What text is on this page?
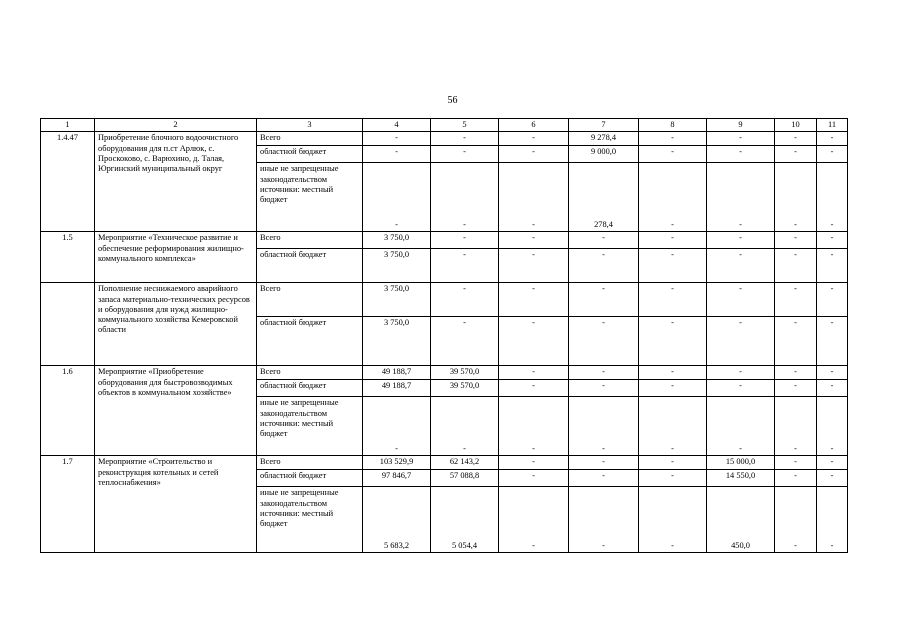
56
1	2	3	4	5	6	7	8	9	10	11
1.4.47	Приобретение блочного водоочистного оборудования для п.ст Арлюк, с. Проскоково, с. Варюхино, д. Талая, Юргинский муниципальный округ	Всего	-	-	-	9 278,4	-	-	-	-
		областной бюджет	-	-	-	9 000,0	-	-	-	-
		иные не запрещенные законодательством источники: местный бюджет	-	-	-	278,4	-	-	-	-
1.5	Мероприятие «Техническое развитие и обеспечение реформирования жилищно-коммунального комплекса»	Всего	3 750,0	-	-	-	-	-	-	-
		областной бюджет	3 750,0	-	-	-	-	-	-	-
	Пополнение неснижаемого аварийного запаса материально-технических ресурсов и оборудования для нужд жилищно-коммунального хозяйства Кемеровской области	Всего	3 750,0	-	-	-	-	-	-	-
		областной бюджет	3 750,0	-	-	-	-	-	-	-
1.6	Мероприятие «Приобретение оборудования для быстровозводимых объектов в коммунальном хозяйстве»	Всего	49 188,7	39 570,0	-	-	-	-	-	-
		областной бюджет	49 188,7	39 570,0	-	-	-	-	-	-
		иные не запрещенные законодательством источники: местный бюджет	-	-	-	-	-	-	-	-
1.7	Мероприятие «Строительство и реконструкция котельных и сетей теплоснабжения»	Всего	103 529,9	62 143,2	-	-	-	15 000,0	-	-
		областной бюджет	97 846,7	57 088,8	-	-	-	14 550,0	-	-
		иные не запрещенные законодательством источники: местный бюджет	5 683,2	5 054,4	-	-	-	450,0	-	-
